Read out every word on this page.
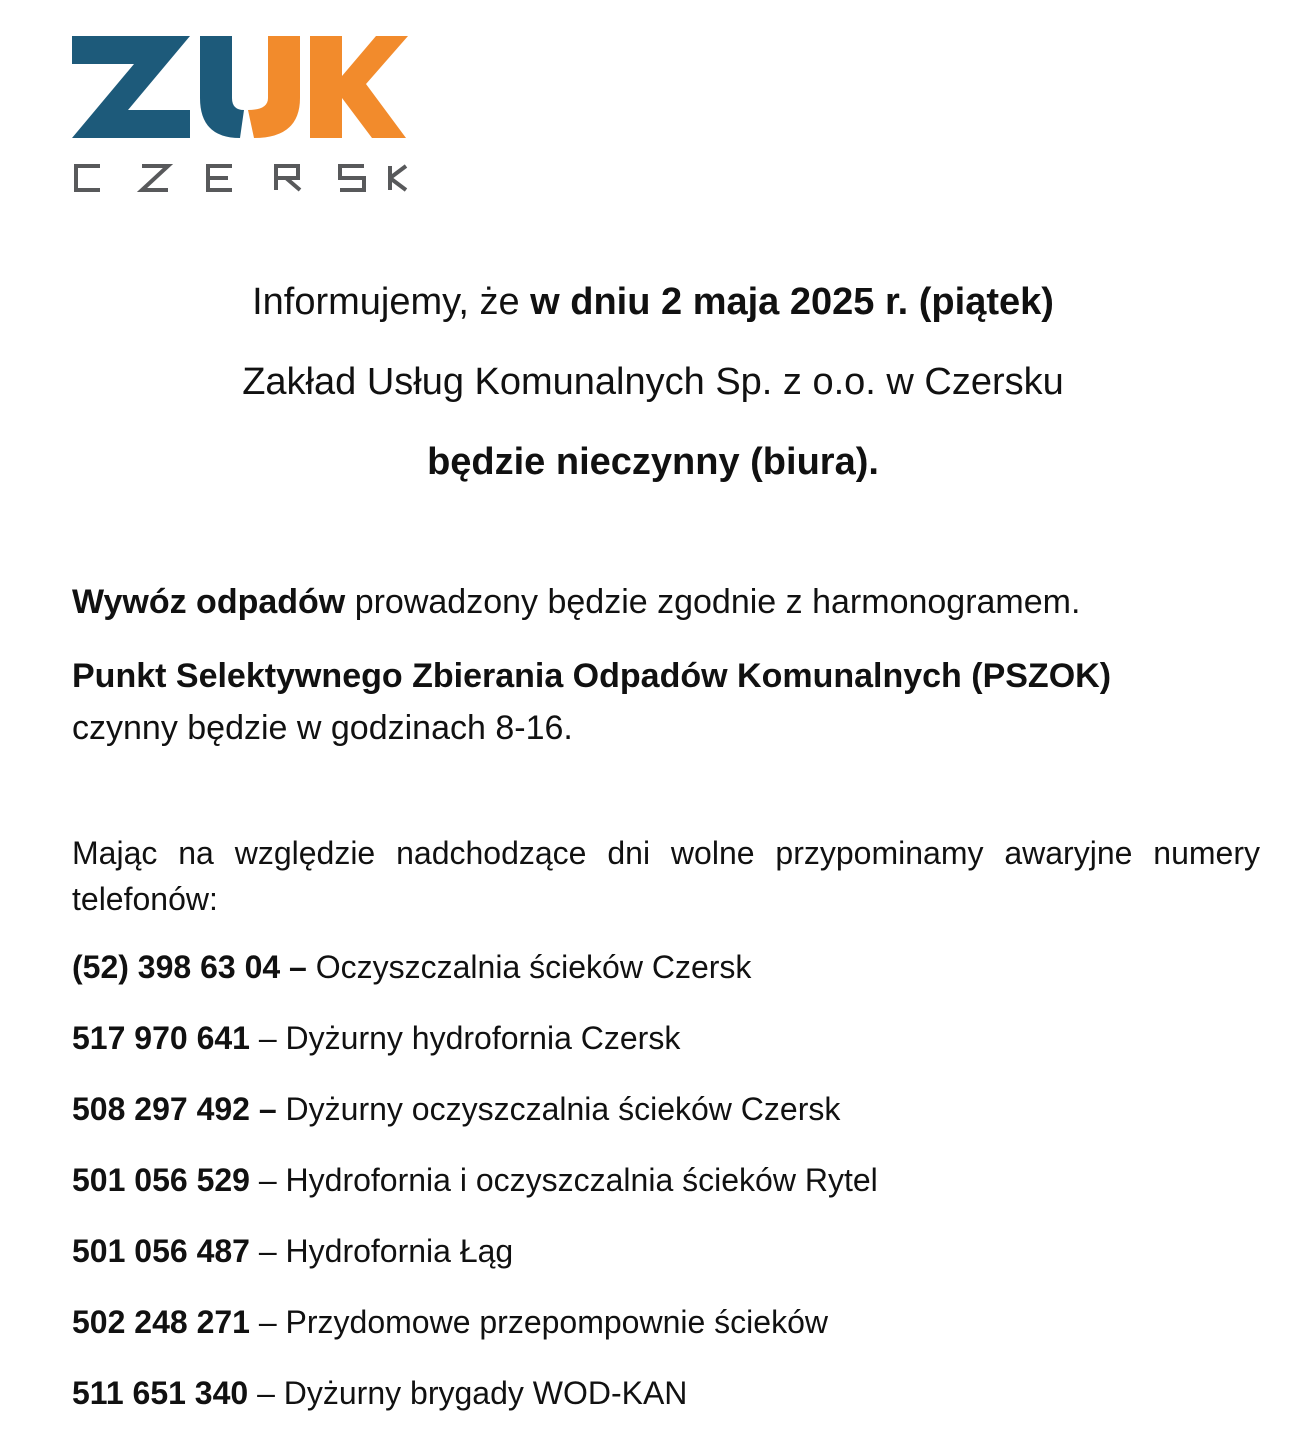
Informujemy, że w dniu 2 maja 2025 r. (piątek)
Zakład Usług Komunalnych Sp. z o.o. w Czersku
będzie nieczynny (biura).
Wywóz odpadów prowadzony będzie zgodnie z harmonogramem.
Punkt Selektywnego Zbierania Odpadów Komunalnych (PSZOK)
czynny będzie w godzinach 8-16.
Mając na względzie nadchodzące dni wolne przypominamy awaryjne numery telefonów:
(52) 398 63 04 – Oczyszczalnia ścieków Czersk
517 970 641 – Dyżurny hydrofornia Czersk
508 297 492 – Dyżurny oczyszczalnia ścieków Czersk
501 056 529 – Hydrofornia i oczyszczalnia ścieków Rytel
501 056 487 – Hydrofornia Łąg
502 248 271 – Przydomowe przepompownie ścieków
511 651 340 – Dyżurny brygady WOD-KAN
